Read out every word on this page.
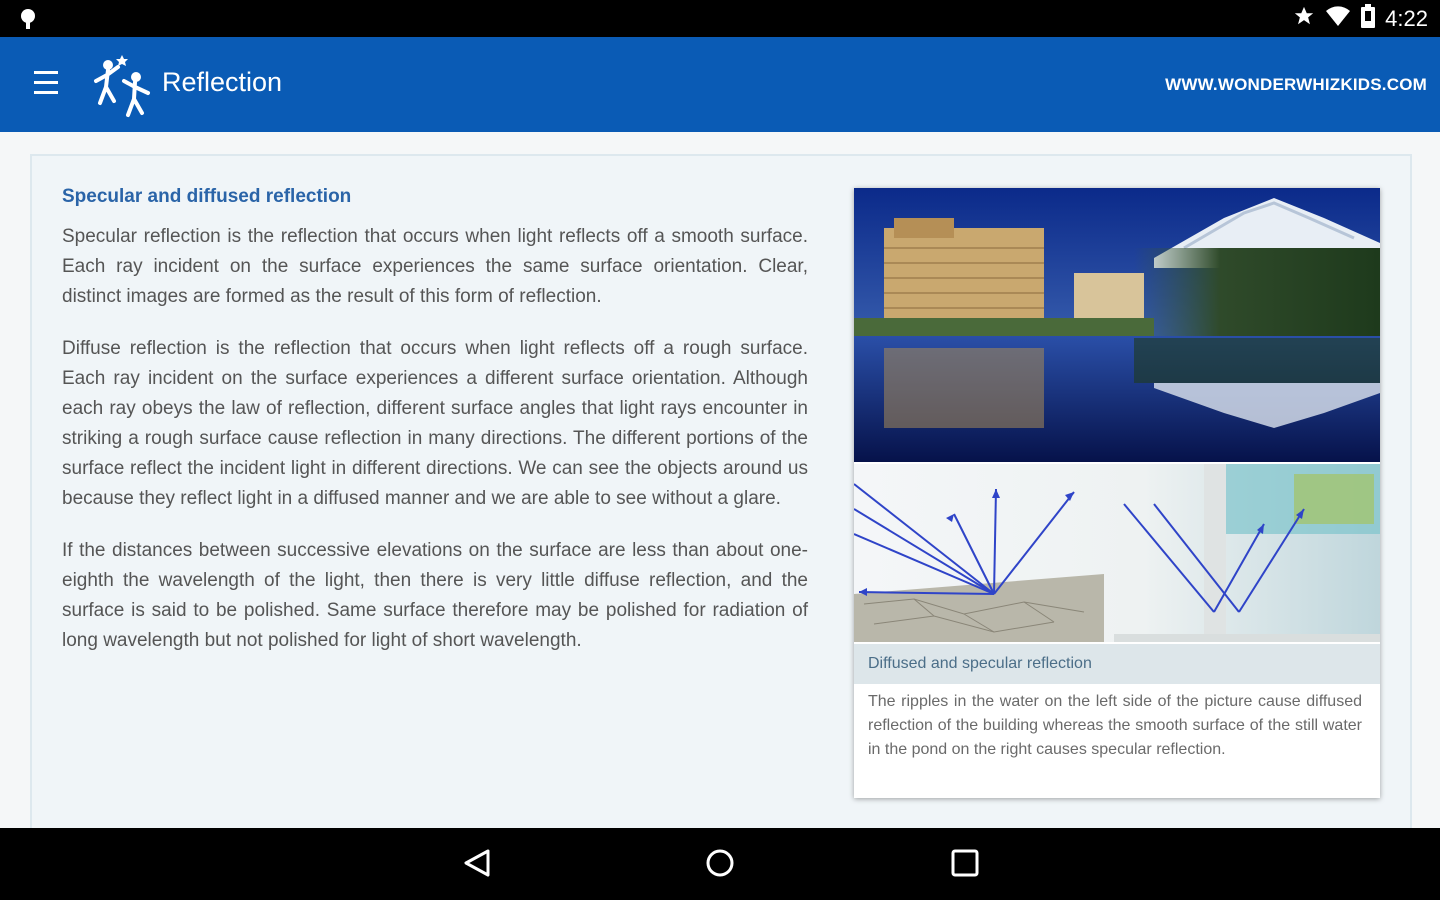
4:22
Reflection	WWW.WONDERWHIZKIDS.COM

Specular and diffused reflection

Specular reflection is the reflection that occurs when light reflects off a smooth surface. Each ray incident on the surface experiences the same surface orientation. Clear, distinct images are formed as the result of this form of reflection.

Diffuse reflection is the reflection that occurs when light reflects off a rough surface. Each ray incident on the surface experiences a different surface orientation. Although each ray obeys the law of reflection, different surface angles that light rays encounter in striking a rough surface cause reflection in many directions. The different portions of the surface reflect the incident light in different directions. We can see the objects around us because they reflect light in a diffused manner and we are able to see without a glare.

If the distances between successive elevations on the surface are less than about one-eighth the wavelength of the light, then there is very little diffuse reflection, and the surface is said to be polished. Same surface therefore may be polished for radiation of long wavelength but not polished for light of short wavelength.

Diffused and specular reflection
The ripples in the water on the left side of the picture cause diffused reflection of the building whereas the smooth surface of the still water in the pond on the right causes specular reflection.
